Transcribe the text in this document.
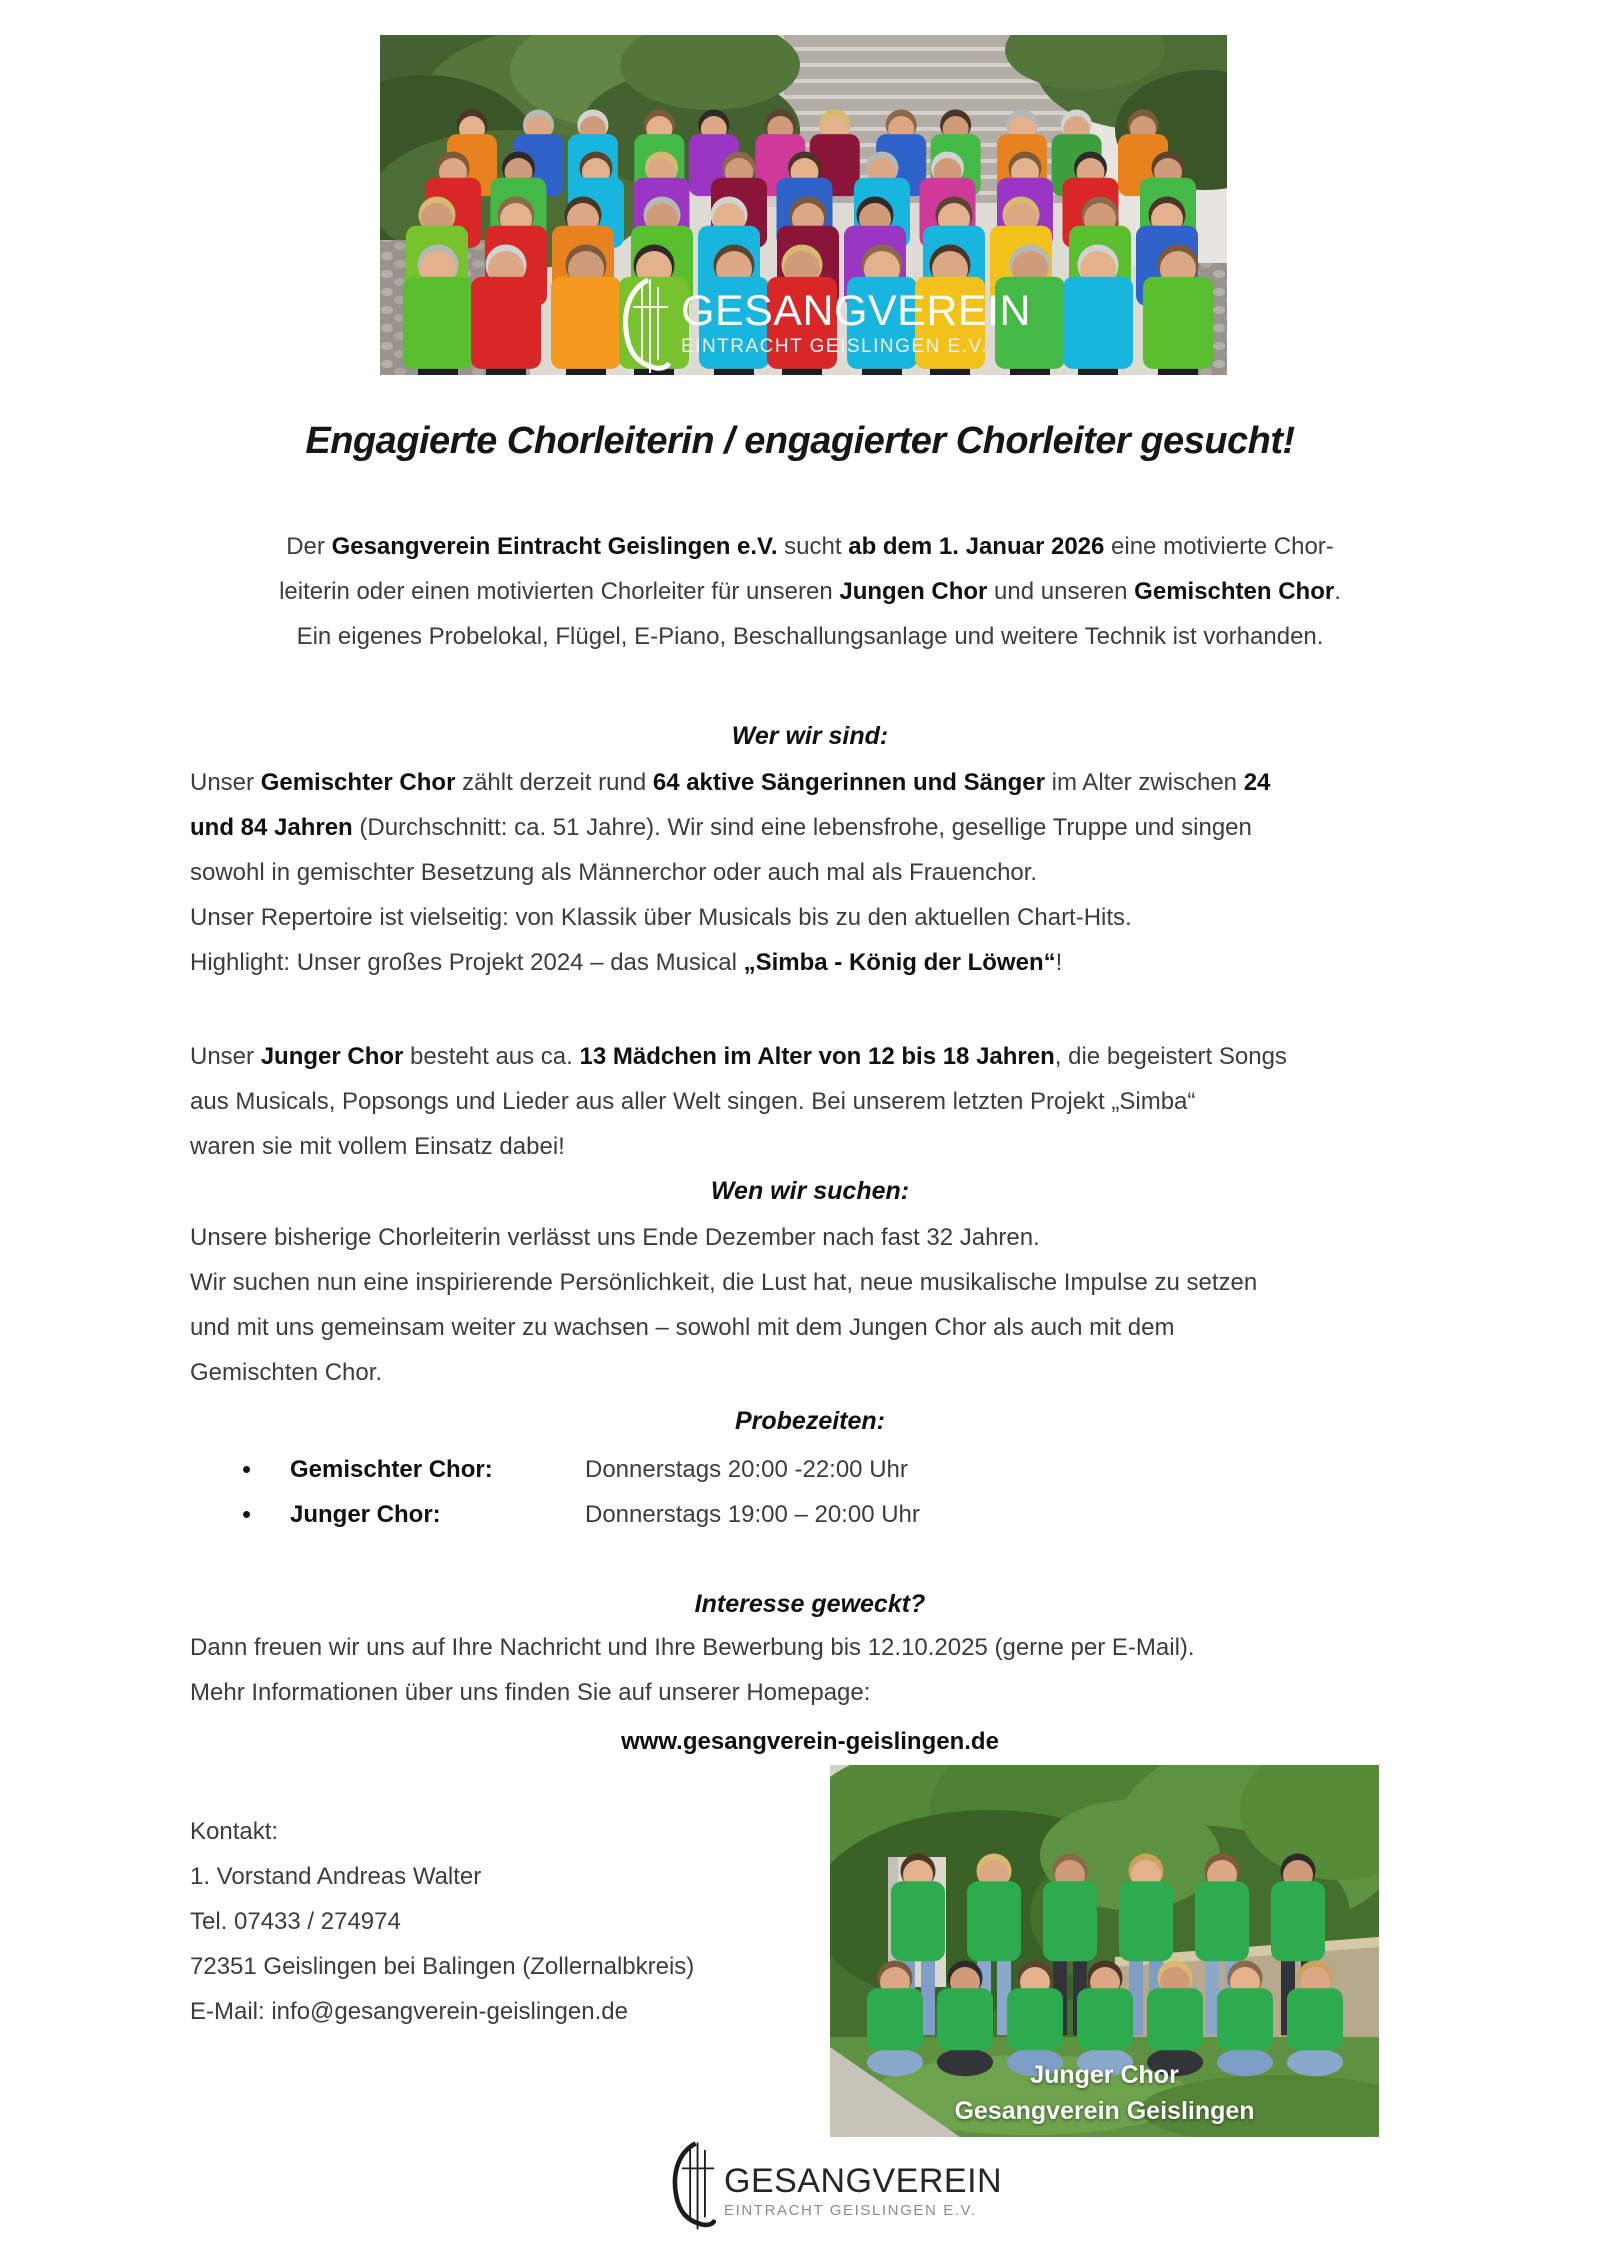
GESANGVEREIN
EINTRACHT GEISLINGEN E.V.
Engagierte Chorleiterin / engagierter Chorleiter gesucht!
Der Gesangverein Eintracht Geislingen e.V. sucht ab dem 1. Januar 2026 eine motivierte Chor-
leiterin oder einen motivierten Chorleiter für unseren Jungen Chor und unseren Gemischten Chor.
Ein eigenes Probelokal, Flügel, E-Piano, Beschallungsanlage und weitere Technik ist vorhanden.
Wer wir sind:
Unser Gemischter Chor zählt derzeit rund 64 aktive Sängerinnen und Sänger im Alter zwischen 24
und 84 Jahren (Durchschnitt: ca. 51 Jahre). Wir sind eine lebensfrohe, gesellige Truppe und singen
sowohl in gemischter Besetzung als Männerchor oder auch mal als Frauenchor.
Unser Repertoire ist vielseitig: von Klassik über Musicals bis zu den aktuellen Chart-Hits.
Highlight: Unser großes Projekt 2024 – das Musical „Simba - König der Löwen“!
Unser Junger Chor besteht aus ca. 13 Mädchen im Alter von 12 bis 18 Jahren, die begeistert Songs
aus Musicals, Popsongs und Lieder aus aller Welt singen. Bei unserem letzten Projekt „Simba“
waren sie mit vollem Einsatz dabei!
Wen wir suchen:
Unsere bisherige Chorleiterin verlässt uns Ende Dezember nach fast 32 Jahren.
Wir suchen nun eine inspirierende Persönlichkeit, die Lust hat, neue musikalische Impulse zu setzen
und mit uns gemeinsam weiter zu wachsen – sowohl mit dem Jungen Chor als auch mit dem
Gemischten Chor.
Probezeiten:
• Gemischter Chor:	Donnerstags 20:00 -22:00 Uhr
• Junger Chor:	Donnerstags 19:00 – 20:00 Uhr
Interesse geweckt?
Dann freuen wir uns auf Ihre Nachricht und Ihre Bewerbung bis 12.10.2025 (gerne per E-Mail).
Mehr Informationen über uns finden Sie auf unserer Homepage:
www.gesangverein-geislingen.de
Kontakt:
1. Vorstand Andreas Walter
Tel. 07433 / 274974
72351 Geislingen bei Balingen (Zollernalbkreis)
E-Mail: info@gesangverein-geislingen.de
Junger Chor
Gesangverein Geislingen
GESANGVEREIN
EINTRACHT GEISLINGEN E.V.
